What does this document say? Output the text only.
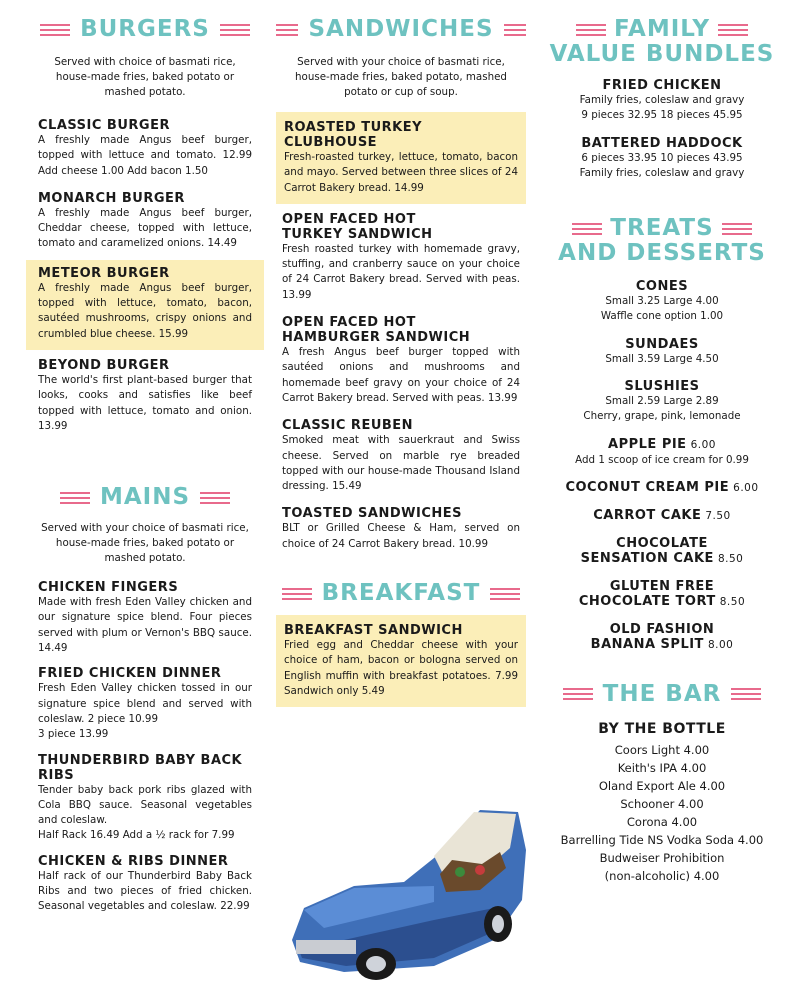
BURGERS

Served with choice of basmati rice, house-made fries, baked potato or mashed potato.

CLASSIC BURGER
A freshly made Angus beef burger, topped with lettuce and tomato. 12.99 Add cheese 1.00 Add bacon 1.50
MONARCH BURGER
A freshly made Angus beef burger, Cheddar cheese, topped with lettuce, tomato and caramelized onions. 14.49
METEOR BURGER
A freshly made Angus beef burger, topped with lettuce, tomato, bacon, sautéed mushrooms, crispy onions and crumbled blue cheese. 15.99
BEYOND BURGER
The world's first plant-based burger that looks, cooks and satisfies like beef topped with lettuce, tomato and onion. 13.99
MAINS

Served with your choice of basmati rice, house-made fries, baked potato or mashed potato.

CHICKEN FINGERS
Made with fresh Eden Valley chicken and our signature spice blend. Four pieces served with plum or Vernon's BBQ sauce. 14.49
FRIED CHICKEN DINNER
Fresh Eden Valley chicken tossed in our signature spice blend and served with coleslaw. 2 piece 10.99
3 piece 13.99
THUNDERBIRD BABY BACK RIBS
Tender baby back pork ribs glazed with Cola BBQ sauce. Seasonal vegetables and coleslaw.
Half Rack 16.49 Add a ½ rack for 7.99
CHICKEN & RIBS DINNER
Half rack of our Thunderbird Baby Back Ribs and two pieces of fried chicken. Seasonal vegetables and coleslaw. 22.99
SANDWICHES

Served with your choice of basmati rice, house-made fries, baked potato, mashed potato or cup of soup.

ROASTED TURKEY CLUBHOUSE
Fresh-roasted turkey, lettuce, tomato, bacon and mayo. Served between three slices of 24 Carrot Bakery bread. 14.99
OPEN FACED HOT TURKEY SANDWICH
Fresh roasted turkey with homemade gravy, stuffing, and cranberry sauce on your choice of 24 Carrot Bakery bread. Served with peas. 13.99
OPEN FACED HOT HAMBURGER SANDWICH
A fresh Angus beef burger topped with sautéed onions and mushrooms and homemade beef gravy on your choice of 24 Carrot Bakery bread. Served with peas. 13.99
CLASSIC REUBEN
Smoked meat with sauerkraut and Swiss cheese. Served on marble rye breaded topped with our house-made Thousand Island dressing. 15.49
TOASTED SANDWICHES
BLT or Grilled Cheese & Ham, served on choice of 24 Carrot Bakery bread. 10.99
BREAKFAST
BREAKFAST SANDWICH
Fried egg and Cheddar cheese with your choice of ham, bacon or bologna served on English muffin with breakfast potatoes. 7.99 Sandwich only 5.49
FAMILY
VALUE BUNDLES
FRIED CHICKEN
Family fries, coleslaw and gravy
9 pieces 32.95 18 pieces 45.95
BATTERED HADDOCK
6 pieces 33.95 10 pieces 43.95
Family fries, coleslaw and gravy
TREATS
AND DESSERTS
CONES
Small 3.25 Large 4.00
Waffle cone option 1.00
SUNDAES
Small 3.59 Large 4.50
SLUSHIES
Small 2.59 Large 2.89
Cherry, grape, pink, lemonade
APPLE PIE 6.00
Add 1 scoop of ice cream for 0.99
COCONUT CREAM PIE 6.00
CARROT CAKE 7.50
CHOCOLATE
SENSATION CAKE 8.50
GLUTEN FREE
CHOCOLATE TORT 8.50
OLD FASHION
BANANA SPLIT 8.00
THE BAR
BY THE BOTTLE
Coors Light 4.00
Keith's IPA 4.00
Oland Export Ale 4.00
Schooner 4.00
Corona 4.00
Barrelling Tide NS Vodka Soda 4.00
Budweiser Prohibition
(non-alcoholic) 4.00
